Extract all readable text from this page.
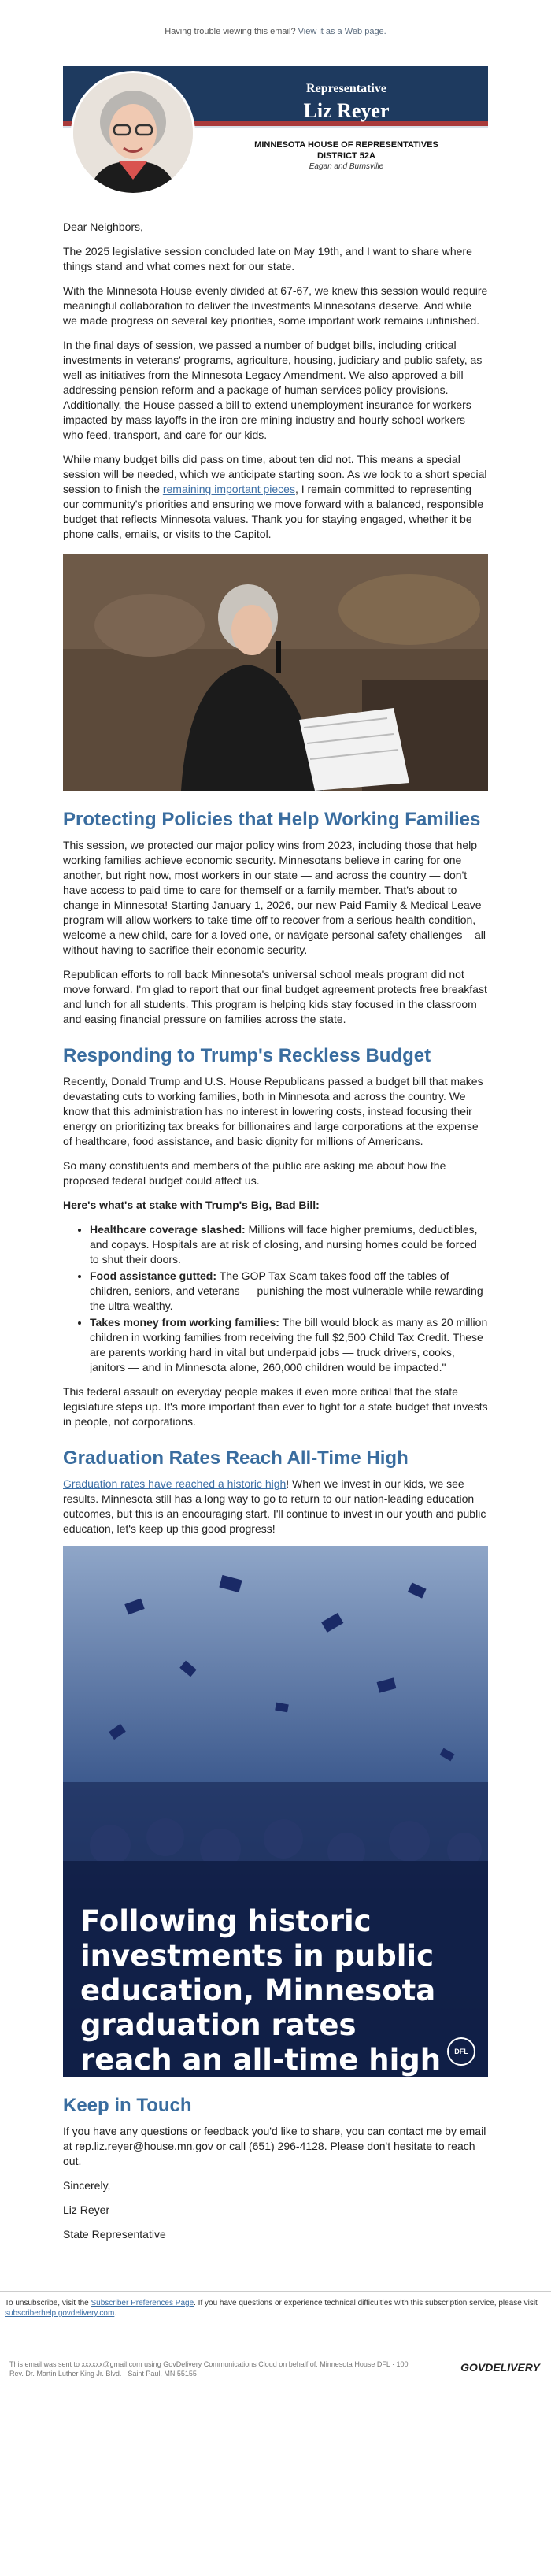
Having trouble viewing this email? View it as a Web page.
Representative
Liz Reyer
MINNESOTA HOUSE OF REPRESENTATIVES
DISTRICT 52A
Eagan and Burnsville

Dear Neighbors,

The 2025 legislative session concluded late on May 19th, and I want to share where things stand and what comes next for our state.

With the Minnesota House evenly divided at 67-67, we knew this session would require meaningful collaboration to deliver the investments Minnesotans deserve. And while we made progress on several key priorities, some important work remains unfinished.

In the final days of session, we passed a number of budget bills, including critical investments in veterans' programs, agriculture, housing, judiciary and public safety, as well as initiatives from the Minnesota Legacy Amendment. We also approved a bill addressing pension reform and a package of human services policy provisions. Additionally, the House passed a bill to extend unemployment insurance for workers impacted by mass layoffs in the iron ore mining industry and hourly school workers who feed, transport, and care for our kids.

While many budget bills did pass on time, about ten did not. This means a special session will be needed, which we anticipate starting soon. As we look to a short special session to finish the remaining important pieces, I remain committed to representing our community's priorities and ensuring we move forward with a balanced, responsible budget that reflects Minnesota values. Thank you for staying engaged, whether it be phone calls, emails, or visits to the Capitol.

Protecting Policies that Help Working Families

This session, we protected our major policy wins from 2023, including those that help working families achieve economic security. Minnesotans believe in caring for one another, but right now, most workers in our state — and across the country — don't have access to paid time to care for themself or a family member. That's about to change in Minnesota! Starting January 1, 2026, our new Paid Family & Medical Leave program will allow workers to take time off to recover from a serious health condition, welcome a new child, care for a loved one, or navigate personal safety challenges – all without having to sacrifice their economic security.

Republican efforts to roll back Minnesota's universal school meals program did not move forward. I'm glad to report that our final budget agreement protects free breakfast and lunch for all students. This program is helping kids stay focused in the classroom and easing financial pressure on families across the state.

Responding to Trump's Reckless Budget

Recently, Donald Trump and U.S. House Republicans passed a budget bill that makes devastating cuts to working families, both in Minnesota and across the country. We know that this administration has no interest in lowering costs, instead focusing their energy on prioritizing tax breaks for billionaires and large corporations at the expense of healthcare, food assistance, and basic dignity for millions of Americans.

So many constituents and members of the public are asking me about how the proposed federal budget could affect us.

Here's what's at stake with Trump's Big, Bad Bill:

• Healthcare coverage slashed: Millions will face higher premiums, deductibles, and copays. Hospitals are at risk of closing, and nursing homes could be forced to shut their doors.
• Food assistance gutted: The GOP Tax Scam takes food off the tables of children, seniors, and veterans — punishing the most vulnerable while rewarding the ultra-wealthy.
• Takes money from working families: The bill would block as many as 20 million children in working families from receiving the full $2,500 Child Tax Credit. These are parents working hard in vital but underpaid jobs — truck drivers, cooks, janitors — and in Minnesota alone, 260,000 children would be impacted."

This federal assault on everyday people makes it even more critical that the state legislature steps up. It's more important than ever to fight for a state budget that invests in people, not corporations.

Graduation Rates Reach All-Time High

Graduation rates have reached a historic high! When we invest in our kids, we see results. Minnesota still has a long way to go to return to our nation-leading education outcomes, but this is an encouraging start. I'll continue to invest in our youth and public education, let's keep up this good progress!

Following historic investments in public education, Minnesota graduation rates reach an all-time high	DFL
Keep in Touch

If you have any questions or feedback you'd like to share, you can contact me by email at rep.liz.reyer@house.mn.gov or call (651) 296-4128. Please don't hesitate to reach out.

Sincerely,

Liz Reyer

State Representative

To unsubscribe, visit the Subscriber Preferences Page. If you have questions or experience technical difficulties with this subscription service, please visit subscriberhelp.govdelivery.com.
This email was sent to xxxxxx@gmail.com using GovDelivery Communications Cloud on behalf of: Minnesota House DFL · 100
Rev. Dr. Martin Luther King Jr. Blvd. · Saint Paul, MN 55155	GOVDELIVERY
